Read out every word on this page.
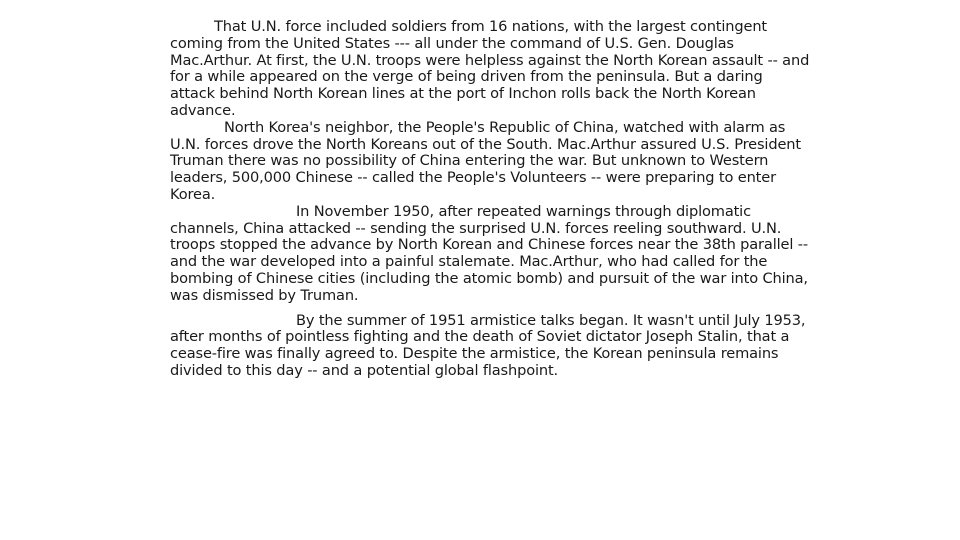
That U.N. force included soldiers from 16 nations, with the largest contingent coming from the United States --- all under the command of U.S. Gen. Douglas Mac.Arthur. At first, the U.N. troops were helpless against the North Korean assault -- and for a while appeared on the verge of being driven from the peninsula. But a daring attack behind North Korean lines at the port of Inchon rolls back the North Korean advance.

North Korea's neighbor, the People's Republic of China, watched with alarm as U.N. forces drove the North Koreans out of the South. Mac.Arthur assured U.S. President Truman there was no possibility of China entering the war. But unknown to Western leaders, 500,000 Chinese -- called the People's Volunteers -- were preparing to enter Korea.

In November 1950, after repeated warnings through diplomatic channels, China attacked -- sending the surprised U.N. forces reeling southward. U.N. troops stopped the advance by North Korean and Chinese forces near the 38th parallel -- and the war developed into a painful stalemate. Mac.Arthur, who had called for the bombing of Chinese cities (including the atomic bomb) and pursuit of the war into China, was dismissed by Truman.

By the summer of 1951 armistice talks began. It wasn't until July 1953, after months of pointless fighting and the death of Soviet dictator Joseph Stalin, that a cease-fire was finally agreed to. Despite the armistice, the Korean peninsula remains divided to this day -- and a potential global flashpoint.
